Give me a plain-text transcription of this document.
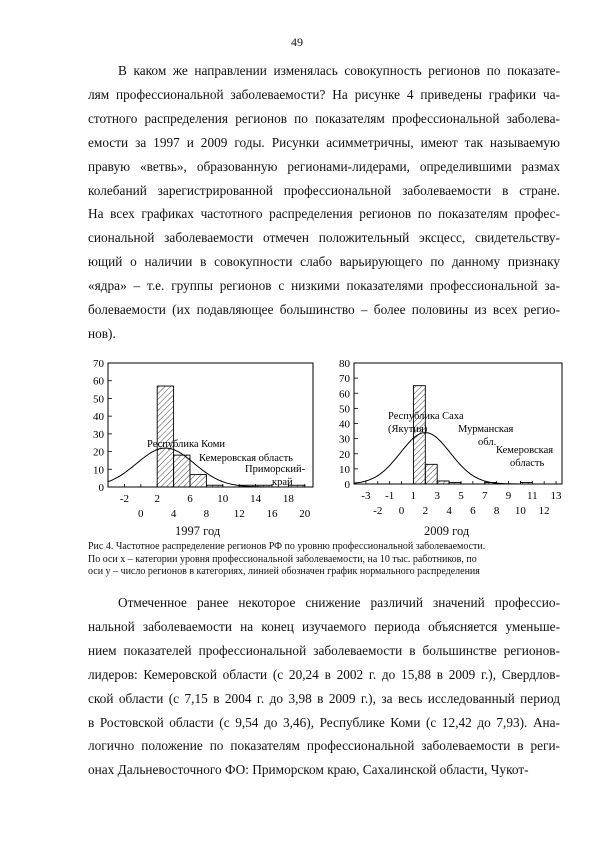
49

В каком же направлении изменялась совокупность регионов по показате-
лям профессиональной заболеваемости? На рисунке 4 приведены графики ча-
стотного распределения регионов по показателям профессиональной заболева-
емости за 1997 и 2009 годы. Рисунки асимметричны, имеют так называемую
правую «ветвь», образованную регионами-лидерами, определившими размах
колебаний зарегистрированной профессиональной заболеваемости в стране.
На всех графиках частотного распределения регионов по показателям профес-
сиональной заболеваемости отмечен положительный эксцесс, свидетельству-
ющий о наличии в совокупности слабо варьирующего по данному признаку
«ядра» – т.е. группы регионов с низкими показателями профессиональной за-
болеваемости (их подавляющее большинство – более половины из всех регио-
нов).

0
10
20
30
40
50
60
70
-2 2 6 10 14 18
0 4 8 12 16 20
Республика Коми
Кемеровская область
Приморский-
край
1997 год
0
10
20
30
40
50
60
70
80
-3 -1 1 3 5 7 9 11 13
-2 0 2 4 6 8 10 12
Республика Саха
(Якутия)	Мурманская
обл.
Кемеровская
область
2009 год
Рис 4. Частотное распределение регионов РФ по уровню профессиональной заболеваемости.
По оси х – категории уровня профессиональной заболеваемости, на 10 тыс. работников, по
оси у – число регионов в категориях, линией обозначен график нормального распределения

Отмеченное ранее некоторое снижение различий значений профессио-
нальной заболеваемости на конец изучаемого периода объясняется уменьше-
нием показателей профессиональной заболеваемости в большинстве регионов-
лидеров: Кемеровской области (с 20,24 в 2002 г. до 15,88 в 2009 г.), Свердлов-
ской области (с 7,15 в 2004 г. до 3,98 в 2009 г.), за весь исследованный период
в Ростовской области (с 9,54 до 3,46), Республике Коми (с 12,42 до 7,93). Ана-
логично положение по показателям профессиональной заболеваемости в реги-
онах Дальневосточного ФО: Приморском краю, Сахалинской области, Чукот-
